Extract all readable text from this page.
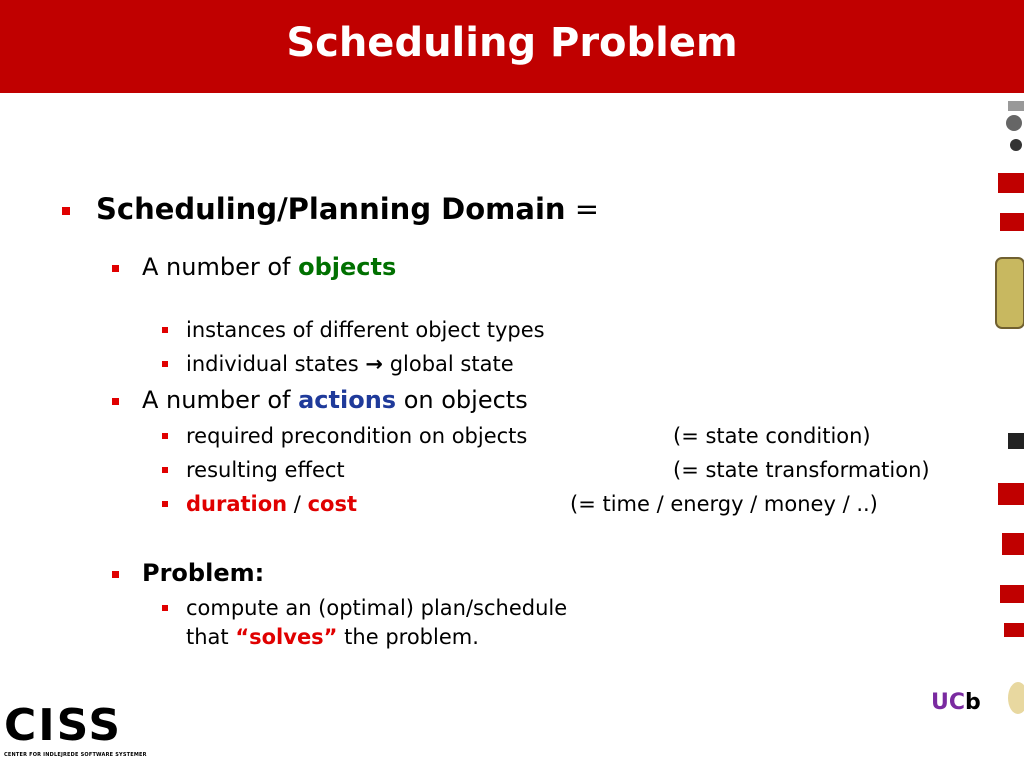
Scheduling Problem
Scheduling/Planning Domain =
A number of objects
instances of different object types
individual states → global state
A number of actions on objects
required precondition on objects	(= state condition)
resulting effect	(= state transformation)
duration / cost	(= time / energy / money / ..)
Problem:
compute an (optimal) plan/schedule
that “solves” the problem.
CISS
CENTER FOR INDLEJREDE SOFTWARE SYSTEMER
UCb
